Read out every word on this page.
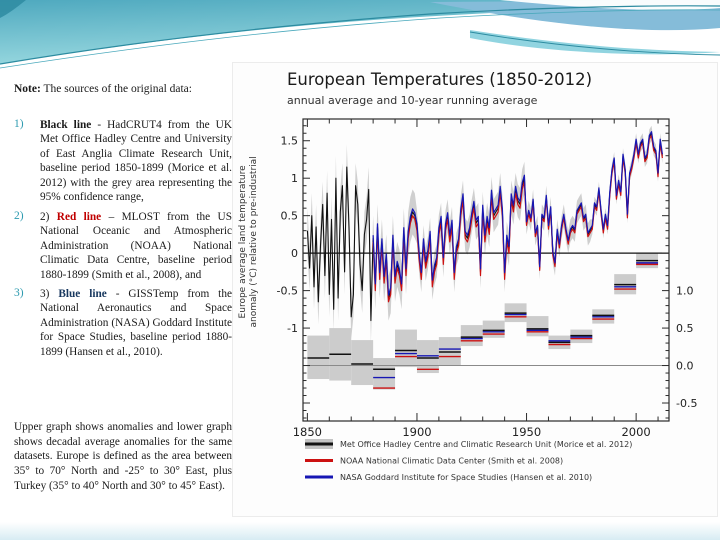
Note: The sources of the original data:
1)	Black line - HadCRUT4 from the UK Met Office Hadley Centre and University of East Anglia Climate Research Unit, baseline period 1850-1899 (Morice et al. 2012) with the grey area representing the 95% confidence range,
2)	2) Red line – MLOST from the US National Oceanic and Atmospheric Administration (NOAA) National Climatic Data Centre, baseline period 1880-1899 (Smith et al., 2008), and
3)	3) Blue line - GISSTemp from the National Aeronautics and Space Administration (NASA) Goddard Institute for Space Studies, baseline period 1880-1899 (Hansen et al., 2010).
Upper graph shows anomalies and lower graph shows decadal average anomalies for the same datasets. Europe is defined as the area between 35° to 70° North and -25° to 30° East, plus Turkey (35° to 40° North and 30° to 45° East).
European Temperatures (1850-2012)
annual average and 10-year running average
Europe average land temperature anomaly (°C) relative to pre-industrial
1.5
1
0.5
0
-0.5
-1
1.0
0.5
0.0
-0.5
1850	1900	1950	2000
Met Office Hadley Centre and Climatic Research Unit (Morice et al. 2012)
NOAA National Climatic Data Center (Smith et al. 2008)
NASA Goddard Institute for Space Studies (Hansen et al. 2010)
